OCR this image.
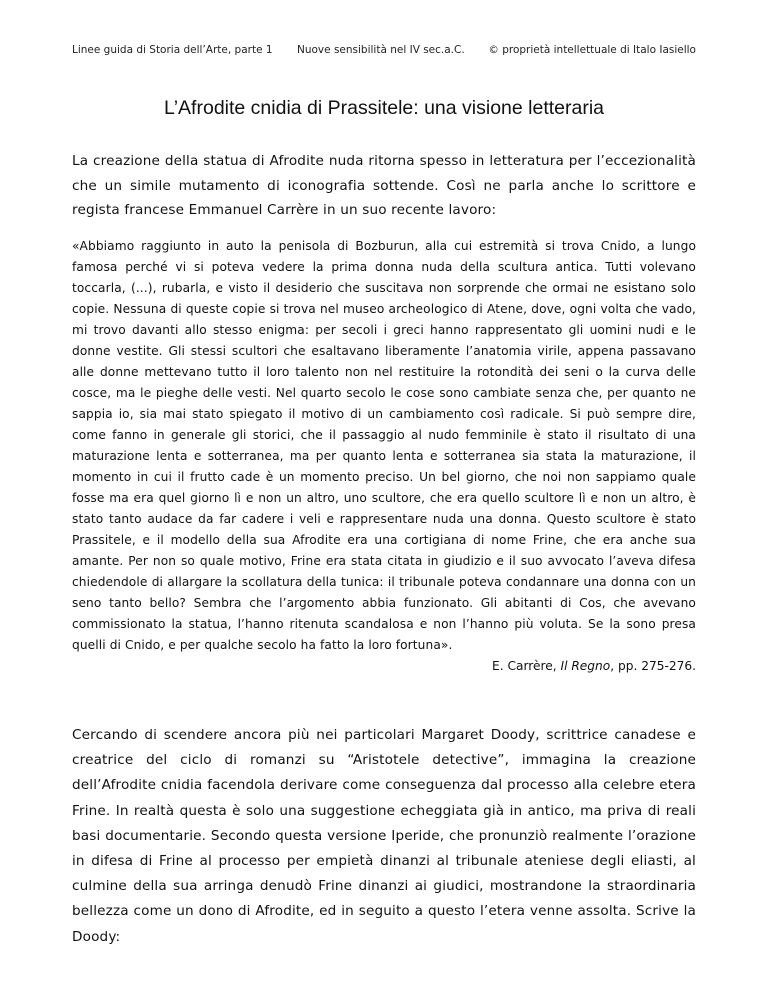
Linee guida di Storia dell’Arte, parte 1 Nuove sensibilità nel IV sec.a.C. © proprietà intellettuale di Italo Iasiello
L’Afrodite cnidia di Prassitele: una visione letteraria

La creazione della statua di Afrodite nuda ritorna spesso in letteratura per l’eccezionalità che un simile mutamento di iconografia sottende. Così ne parla anche lo scrittore e regista francese Emmanuel Carrère in un suo recente lavoro:

«Abbiamo raggiunto in auto la penisola di Bozburun, alla cui estremità si trova Cnido, a lungo famosa perché vi si poteva vedere la prima donna nuda della scultura antica. Tutti volevano toccarla, (...), rubarla, e visto il desiderio che suscitava non sorprende che ormai ne esistano solo copie. Nessuna di queste copie si trova nel museo archeologico di Atene, dove, ogni volta che vado, mi trovo davanti allo stesso enigma: per secoli i greci hanno rappresentato gli uomini nudi e le donne vestite. Gli stessi scultori che esaltavano liberamente l’anatomia virile, appena passavano alle donne mettevano tutto il loro talento non nel restituire la rotondità dei seni o la curva delle cosce, ma le pieghe delle vesti. Nel quarto secolo le cose sono cambiate senza che, per quanto ne sappia io, sia mai stato spiegato il motivo di un cambiamento così radicale. Si può sempre dire, come fanno in generale gli storici, che il passaggio al nudo femminile è stato il risultato di una maturazione lenta e sotterranea, ma per quanto lenta e sotterranea sia stata la maturazione, il momento in cui il frutto cade è un momento preciso. Un bel giorno, che noi non sappiamo quale fosse ma era quel giorno lì e non un altro, uno scultore, che era quello scultore lì e non un altro, è stato tanto audace da far cadere i veli e rappresentare nuda una donna. Questo scultore è stato Prassitele, e il modello della sua Afrodite era una cortigiana di nome Frine, che era anche sua amante. Per non so quale motivo, Frine era stata citata in giudizio e il suo avvocato l’aveva difesa chiedendole di allargare la scollatura della tunica: il tribunale poteva condannare una donna con un seno tanto bello? Sembra che l’argomento abbia funzionato. Gli abitanti di Cos, che avevano commissionato la statua, l’hanno ritenuta scandalosa e non l’hanno più voluta. Se la sono presa quelli di Cnido, e per qualche secolo ha fatto la loro fortuna».

E. Carrère, Il Regno, pp. 275-276.

Cercando di scendere ancora più nei particolari Margaret Doody, scrittrice canadese e creatrice del ciclo di romanzi su “Aristotele detective”, immagina la creazione dell’Afrodite cnidia facendola derivare come conseguenza dal processo alla celebre etera Frine. In realtà questa è solo una suggestione echeggiata già in antico, ma priva di reali basi documentarie. Secondo questa versione Iperide, che pronunziò realmente l’orazione in difesa di Frine al processo per empietà dinanzi al tribunale ateniese degli eliasti, al culmine della sua arringa denudò Frine dinanzi ai giudici, mostrandone la straordinaria bellezza come un dono di Afrodite, ed in seguito a questo l’etera venne assolta. Scrive la Doody:
